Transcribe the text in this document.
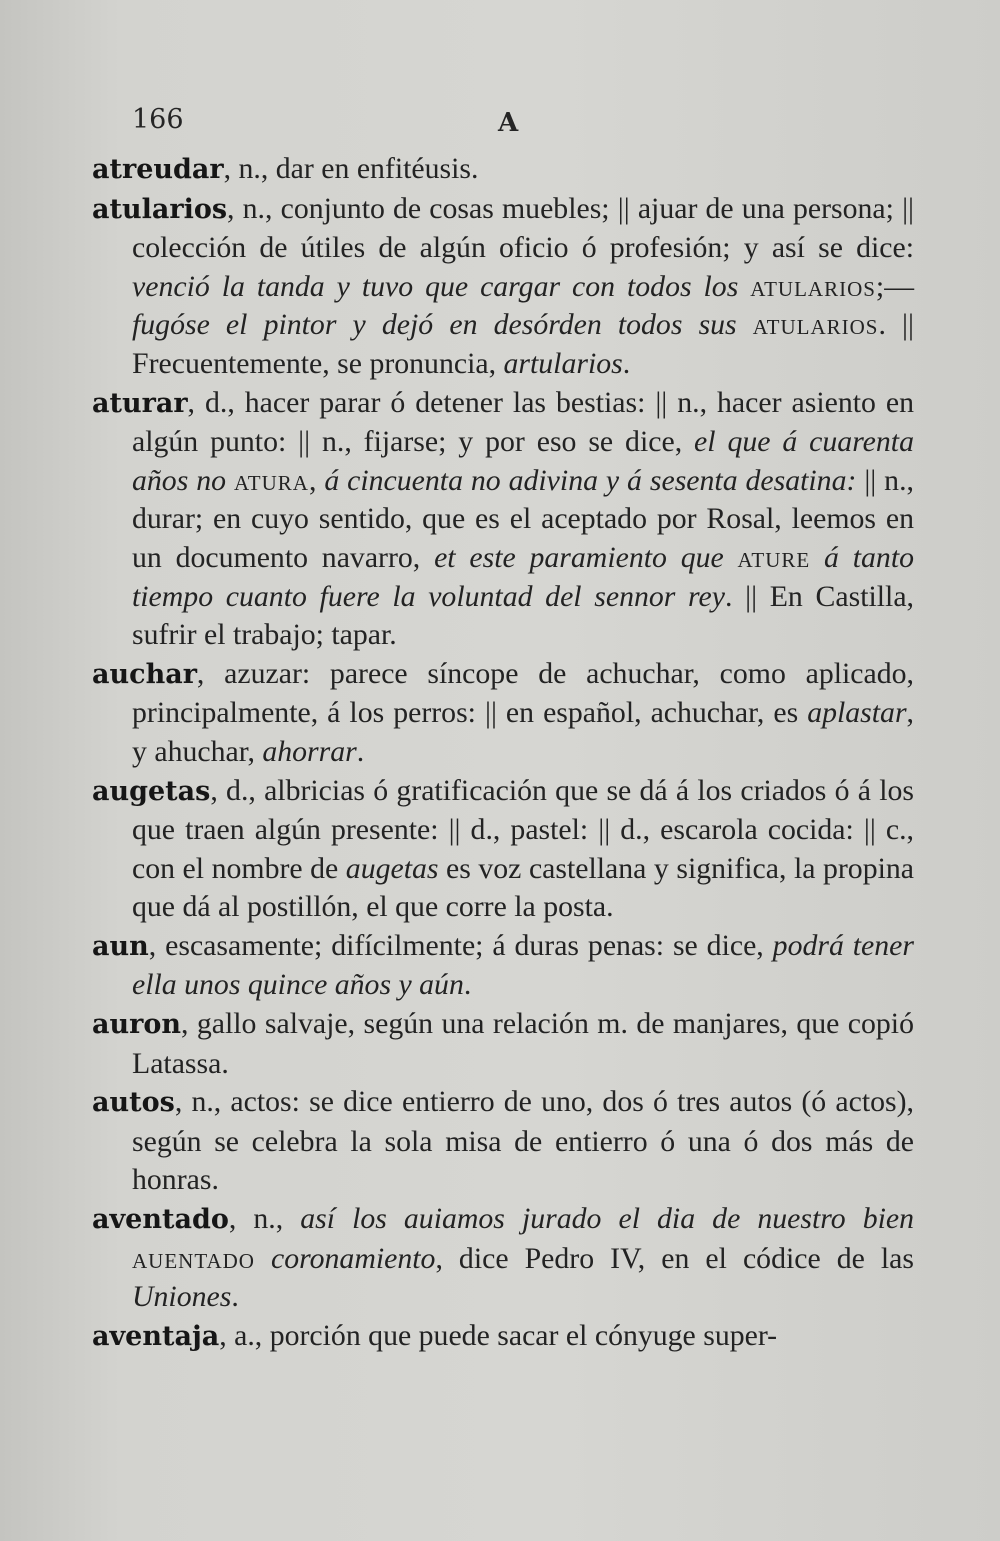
166	A

atreudar, n., dar en enfitéusis.

atularios, n., conjunto de cosas muebles; || ajuar de una persona; || colección de útiles de algún oficio ó profesión; y así se dice: venció la tanda y tuvo que cargar con todos los atularios;—fugóse el pintor y dejó en desórden todos sus atularios. || Frecuentemente, se pronuncia, artularios.

aturar, d., hacer parar ó detener las bestias: || n., hacer asiento en algún punto: || n., fijarse; y por eso se dice, el que á cuarenta años no atura, á cincuenta no adivina y á sesenta desatina: || n., durar; en cuyo sentido, que es el aceptado por Rosal, leemos en un documento navarro, et este paramiento que ature á tanto tiempo cuanto fuere la voluntad del sennor rey. || En Castilla, sufrir el trabajo; tapar.

auchar, azuzar: parece síncope de achuchar, como aplicado, principalmente, á los perros: || en español, achuchar, es aplastar, y ahuchar, ahorrar.

augetas, d., albricias ó gratificación que se dá á los criados ó á los que traen algún presente: || d., pastel: || d., escarola cocida: || c., con el nombre de augetas es voz castellana y significa, la propina que dá al postillón, el que corre la posta.

aun, escasamente; difícilmente; á duras penas: se dice, podrá tener ella unos quince años y aún.

auron, gallo salvaje, según una relación m. de manjares, que copió Latassa.

autos, n., actos: se dice entierro de uno, dos ó tres autos (ó actos), según se celebra la sola misa de entierro ó una ó dos más de honras.

aventado, n., así los auiamos jurado el dia de nuestro bien auentado coronamiento, dice Pedro IV, en el códice de las Uniones.

aventaja, a., porción que puede sacar el cónyuge super-
